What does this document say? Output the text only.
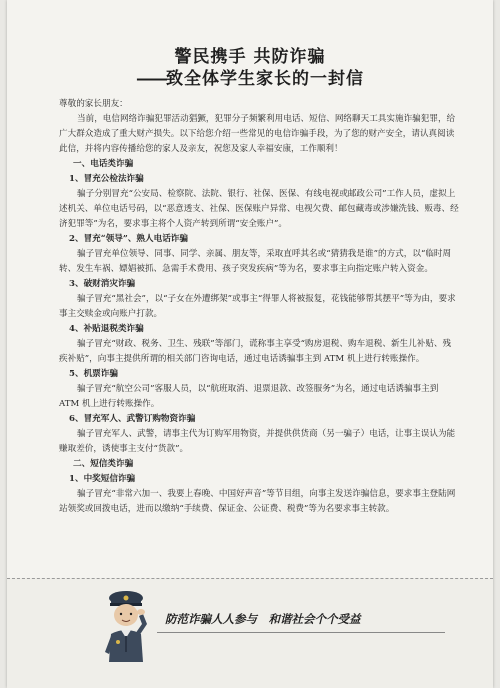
警民携手 共防诈骗
——致全体学生家长的一封信

尊敬的家长朋友：

当前，电信网络诈骗犯罪活动猖獗，犯罪分子频繁利用电话、短信、网络聊天工具实施诈骗犯罪，给广大群众造成了重大财产损失。以下给您介绍一些常见的电信诈骗手段，为了您的财产安全，请认真阅读此信，并将内容传播给您的家人及亲友，祝您及家人幸福安康，工作顺利！

一、电话类诈骗

1、冒充公检法诈骗

骗子分别冒充“公安局、检察院、法院、银行、社保、医保、有线电视或邮政公司”工作人员，虚拟上述机关、单位电话号码，以“恶意透支、社保、医保账户异常、电视欠费、邮包藏毒或涉嫌洗钱、贩毒、经济犯罪等”为名，要求事主将个人资产转到所谓“安全账户”。

2、冒充“领导”、熟人电话诈骗

骗子冒充单位领导、同事、同学、亲属、朋友等，采取直呼其名或“猜猜我是谁”的方式，以“临时周转、发生车祸、嫖娼被抓、急需手术费用、孩子突发疾病”等为名，要求事主向指定账户转入资金。

3、破财消灾诈骗

骗子冒充“黑社会”，以“子女在外遭绑架”或事主“得罪人将被报复，花钱能够帮其摆平”等为由，要求事主交赎金或向账户打款。

4、补贴退税类诈骗

骗子冒充“财政、税务、卫生、残联”等部门，谎称事主享受“购房退税、购车退税、新生儿补贴、残疾补贴”，向事主提供所谓的相关部门咨询电话，通过电话诱骗事主到 ATM 机上进行转账操作。

5、机票诈骗

骗子冒充“航空公司”客服人员，以“航班取消、退票退款、改签服务”为名，通过电话诱骗事主到 ATM 机上进行转账操作。

6、冒充军人、武警订购物资诈骗

骗子冒充军人、武警，请事主代为订购军用物资，并提供供货商（另一骗子）电话，让事主误认为能赚取差价，诱使事主支付“货款”。

二、短信类诈骗

1、中奖短信诈骗

骗子冒充“非常六加一、我要上春晚、中国好声音”等节目组，向事主发送诈骗信息，要求事主登陆网站领奖或回拨电话，进而以缴纳“手续费、保证金、公证费、税费”等为名要求事主转款。

防范诈骗人人参与　和谐社会个个受益
